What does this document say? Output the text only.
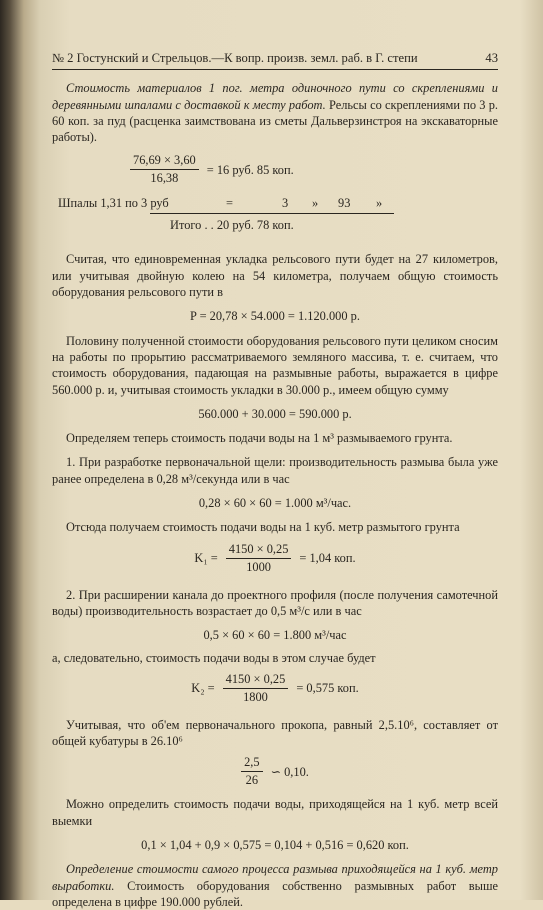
№ 2 Гостунский и Стрельцов.—К вопр. произв. земл. раб. в Г. степи	43

Стоимость материалов 1 пог. метра одиночного пути со скреплениями и деревянными шпалами с доставкой к месту работ. Рельсы со скреплениями по 3 р. 60 коп. за пуд (расценка заимствована из сметы Дальверзинстроя на экскаваторные работы).

$\frac{76,69 \times 3,60}{16,38} = 16$ руб. 85 коп.
Шпалы 1,31 по 3 руб	=	3 » 93 »
Итого . . 20 руб. 78 коп.

Считая, что единовременная укладка рельсового пути будет на 27 километров, или учитывая двойную колею на 54 километра, получаем общую стоимость оборудования рельсового пути в

P = 20,78 × 54.000 = 1.120.000 р.

Половину полученной стоимости оборудования рельсового пути целиком сносим на работы по прорытию рассматриваемого земляного массива, т. е. считаем, что стоимость оборудования, падающая на размывные работы, выражается в цифре 560.000 р. и, учитывая стоимость укладки в 30.000 р., имеем общую сумму

560.000 + 30.000 = 590.000 р.

Определяем теперь стоимость подачи воды на 1 м³ размываемого грунта.

1. При разработке первоначальной щели: производительность размыва была уже ранее определена в 0,28 м³/секунда или в час

0,28 × 60 × 60 = 1.000 м³/час.

Отсюда получаем стоимость подачи воды на 1 куб. метр размытого грунта

$K_1 = \frac{4150 \times 0,25}{1000} = 1,04$ коп.

2. При расширении канала до проектного профиля (после получения самотечной воды) производительность возрастает до 0,5 м³/с или в час

0,5 × 60 × 60 = 1.800 м³/час

а, следовательно, стоимость подачи воды в этом случае будет

$K_2 = \frac{4150 \times 0,25}{1800} = 0,575$ коп.

Учитывая, что об'ем первоначального прокопа, равный 2,5.10⁶, составляет от общей кубатуры в 26.10⁶

$\frac{2,5}{26}$ ∽ 0,10.

Можно определить стоимость подачи воды, приходящейся на 1 куб. метр всей выемки

0,1 × 1,04 + 0,9 × 0,575 = 0,104 + 0,516 = 0,620 коп.

Определение стоимости самого процесса размыва приходящейся на 1 куб. метр выработки. Стоимость оборудования собственно размывных работ выше определена в цифре 190.000 рублей.
